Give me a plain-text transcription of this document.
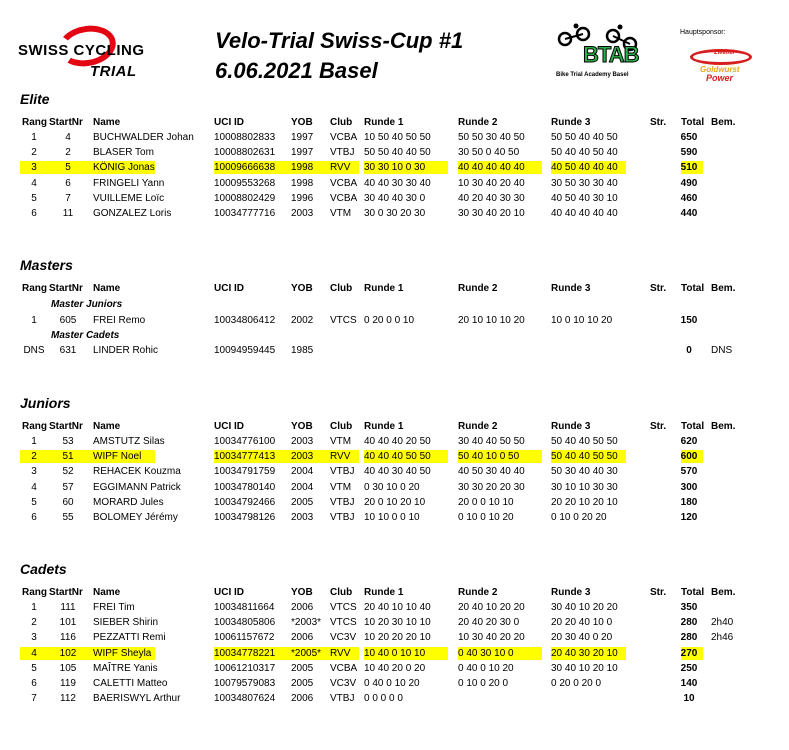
SWISS CYCLING
TRIAL
Velo-Trial Swiss-Cup #1
6.06.2021 Basel
BTAB
Bike Trial Academy Basel
Hauptsponsor:
Zweifel
Goldwurst
Power
Elite
Rang StartNr Name	UCI ID	YOB Club Runde 1	Runde 2	Runde 3	Str. Total Bem.
1	4	BUCHWALDER Johan 10008802833 1997 VCBA 10 50 40 50 50	50 50 30 40 50	50 50 40 40 50	650
2	2	BLASER Tom	10008802631 1997 VTBJ 50 50 40 40 50	30 50 0 40 50	50 40 40 50 40	590
3	5	KÖNIG Jonas	10009666638 1998 RVV 30 30 10 0 30	40 40 40 40 40	40 50 40 40 40	510
4	6	FRINGELI Yann	10009553268 1998 VCBA 40 40 30 30 40	10 30 40 20 40	30 50 30 30 40	490
5	7	VUILLEME Loïc	10008802429 1996 VCBA 30 40 40 30 0	40 20 40 30 30	40 50 40 30 10	460
6	11	GONZALEZ Loris	10034777716 2003 VTM 30 0 30 20 30	30 30 40 20 10	40 40 40 40 40	440
Masters
Rang StartNr Name	UCI ID	YOB Club Runde 1	Runde 2	Runde 3	Str. Total Bem.
Master Juniors
1	605	FREI Remo	10034806412 2002 VTCS 0 20 0 0 10	20 10 10 10 20	10 0 10 10 20	150
Master Cadets
DNS	631	LINDER Rohic	10094959445 1985	0	DNS
Juniors
Rang StartNr Name	UCI ID	YOB Club Runde 1	Runde 2	Runde 3	Str. Total Bem.
1	53	AMSTUTZ Silas	10034776100 2003 VTM 40 40 40 20 50	30 40 40 50 50	50 40 40 50 50	620
2	51	WIPF Noel	10034777413 2003 RVV 40 40 40 50 50	50 40 10 0 50	50 40 40 50 50	600
3	52	REHACEK Kouzma	10034791759 2004 VTBJ 40 40 30 40 50	40 50 30 40 40	50 30 40 40 30	570
4	57	EGGIMANN Patrick	10034780140 2004 VTM 0 30 10 0 20	30 30 20 20 30	30 10 10 30 30	300
5	60	MORARD Jules	10034792466 2005 VTBJ 20 0 10 20 10	20 0 0 10 10	20 20 10 20 10	180
6	55	BOLOMEY Jérémy	10034798126 2003 VTBJ 10 10 0 0 10	0 10 0 10 20	0 10 0 20 20	120
Cadets
Rang StartNr Name	UCI ID	YOB Club Runde 1	Runde 2	Runde 3	Str. Total Bem.
1	111	FREI Tim	10034811664 2006 VTCS 20 40 10 10 40	20 40 10 20 20	30 40 10 20 20	350
2	101	SIEBER Shirin	10034805806 *2003* VTCS 10 20 30 10 10	20 40 20 30 0	20 20 40 10 0	280	2h40
3	116	PEZZATTI Remi	10061157672 2006 VC3V 10 20 20 20 10	10 30 40 20 20	20 30 40 0 20	280	2h46
4	102	WIPF Sheyla	10034778221 *2005* RVV 10 40 0 10 10	0 40 30 10 0	20 40 30 20 10	270
5	105	MAÎTRE Yanis	10061210317 2005 VCBA 10 40 20 0 20	0 40 0 10 20	30 40 10 20 10	250
6	119	CALETTI Matteo	10079579083 2005 VC3V 0 40 0 10 20	0 10 0 20 0	0 20 0 20 0	140
7	112	BAERISWYL Arthur	10034807624 2006 VTBJ 0 0 0 0 0	10
